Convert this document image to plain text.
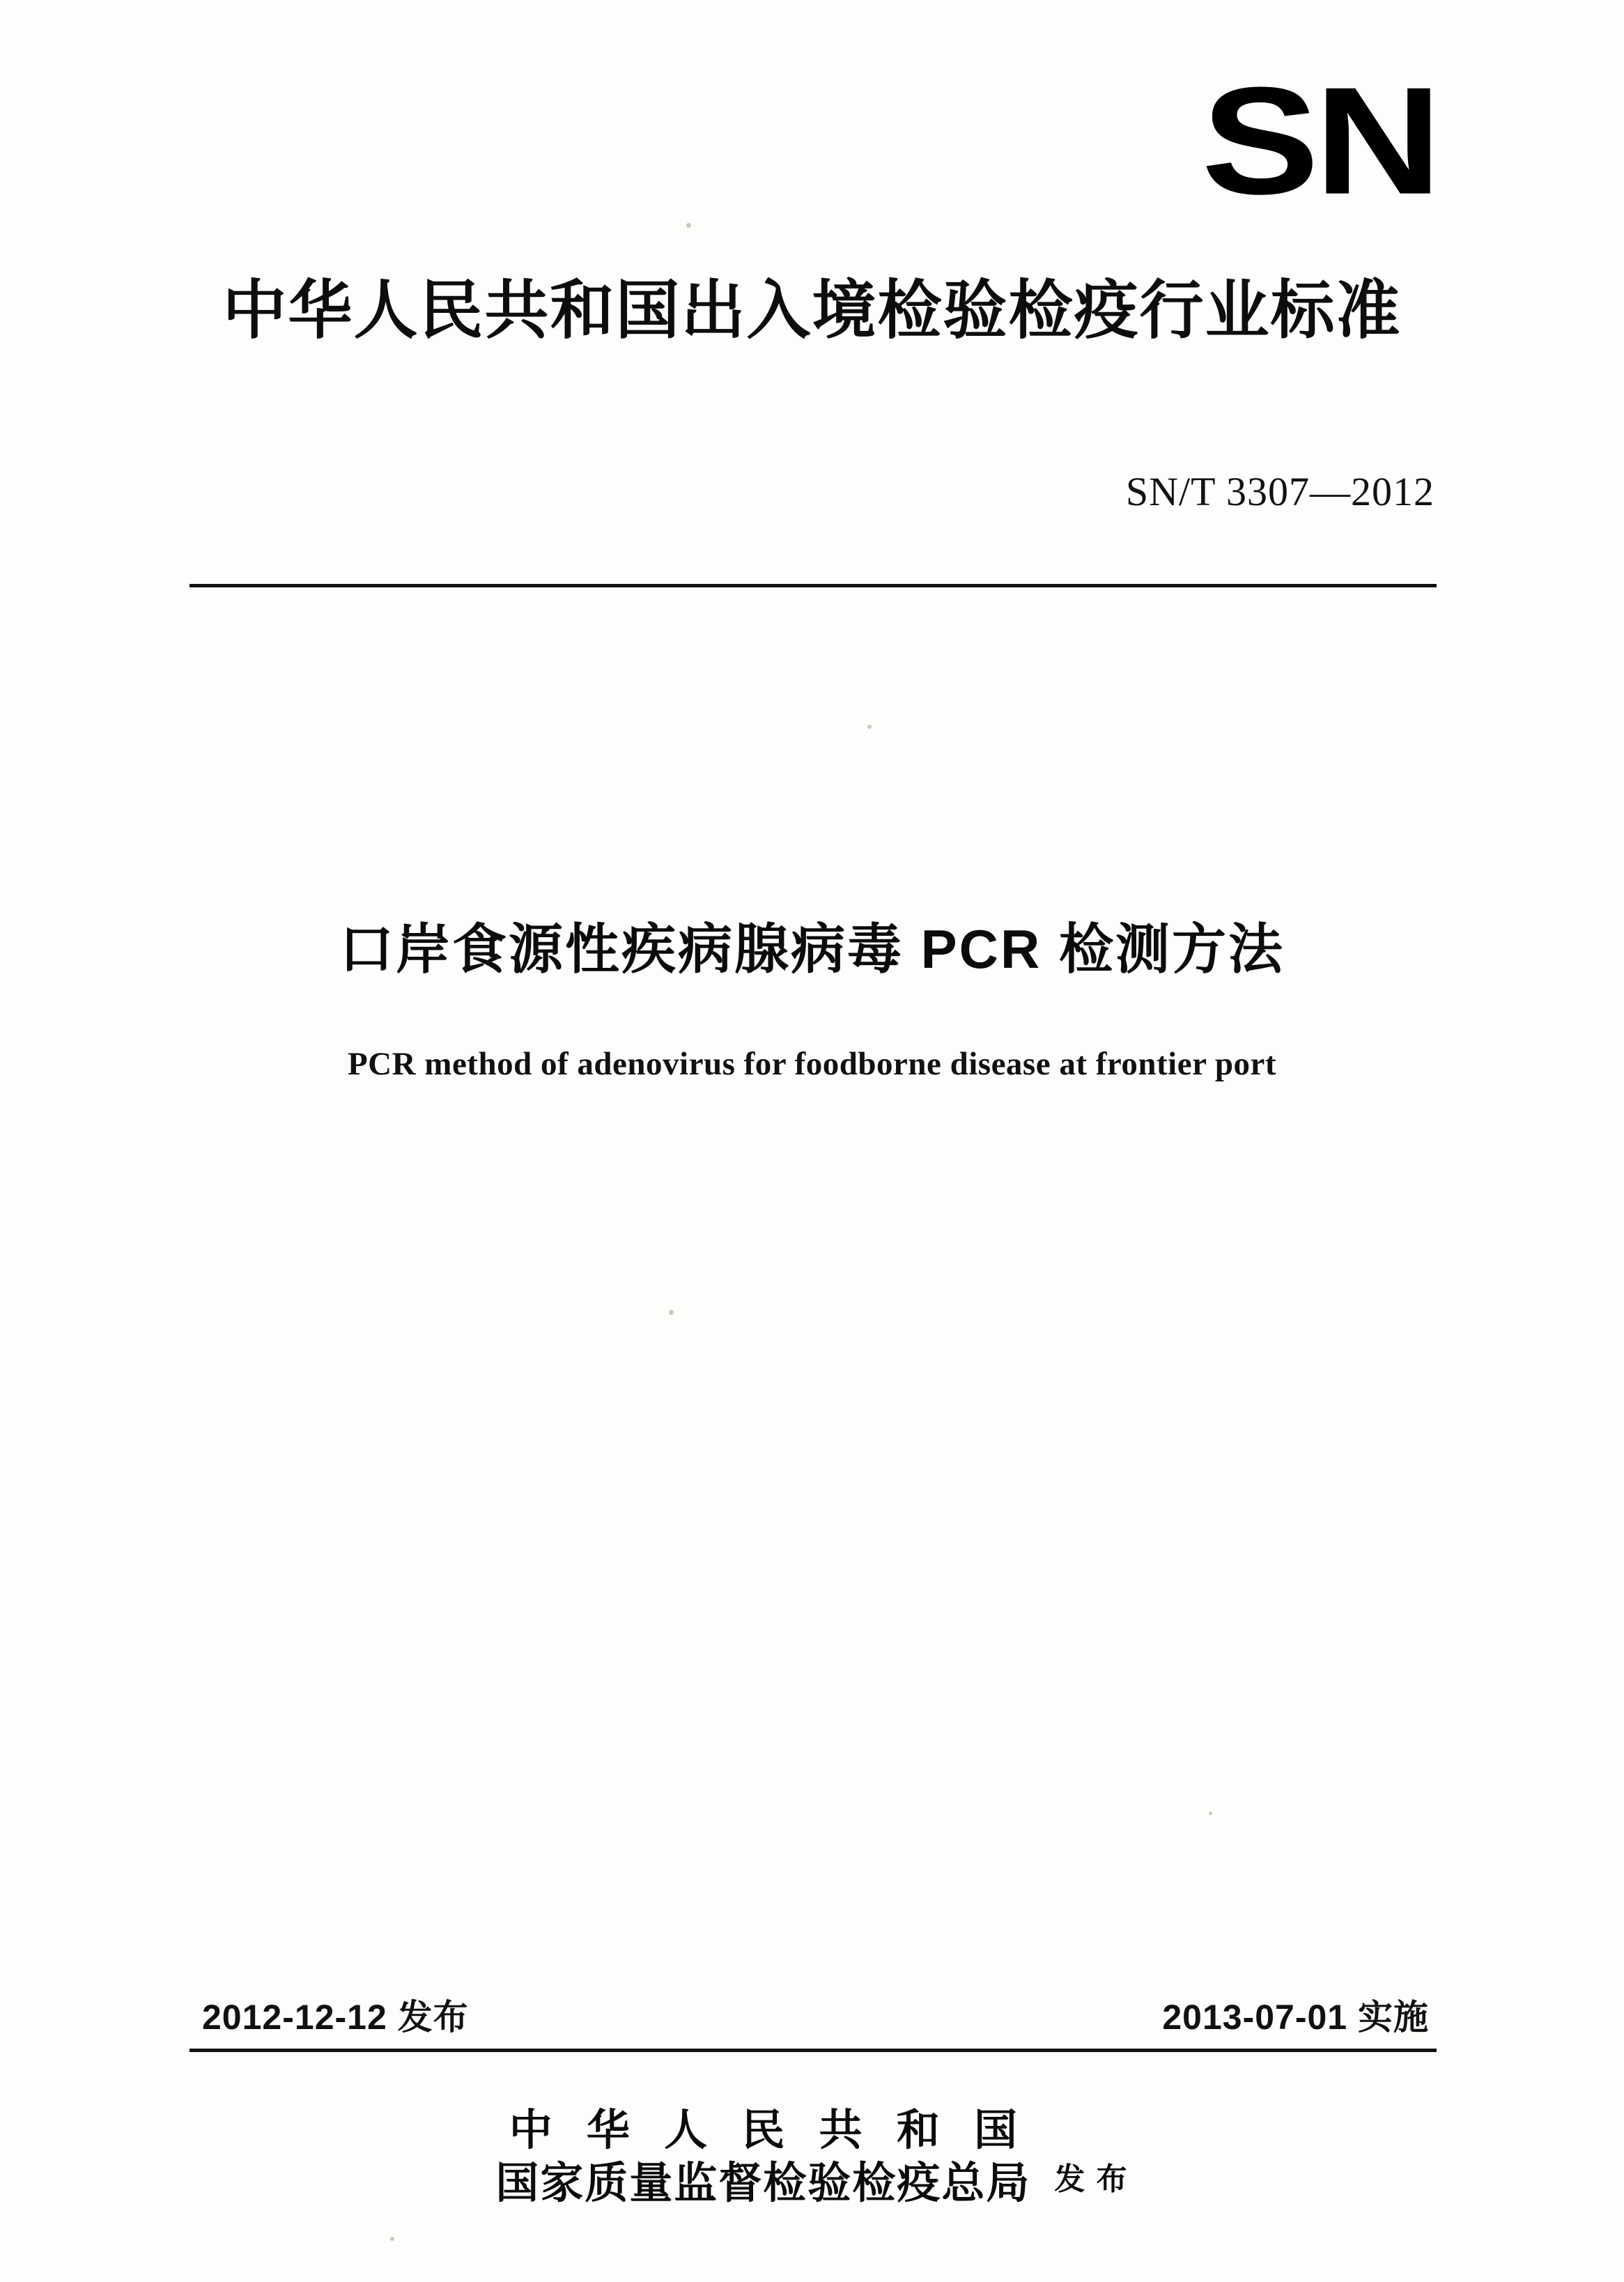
SN
中华人民共和国出入境检验检疫行业标准
SN/T 3307—2012
口岸食源性疾病腺病毒 PCR 检测方法
PCR method of adenovirus for foodborne disease at frontier port
2012-12-12 发布	2013-07-01 实施
中 华 人 民 共 和 国
国家质量监督检验检疫总局 发 布
